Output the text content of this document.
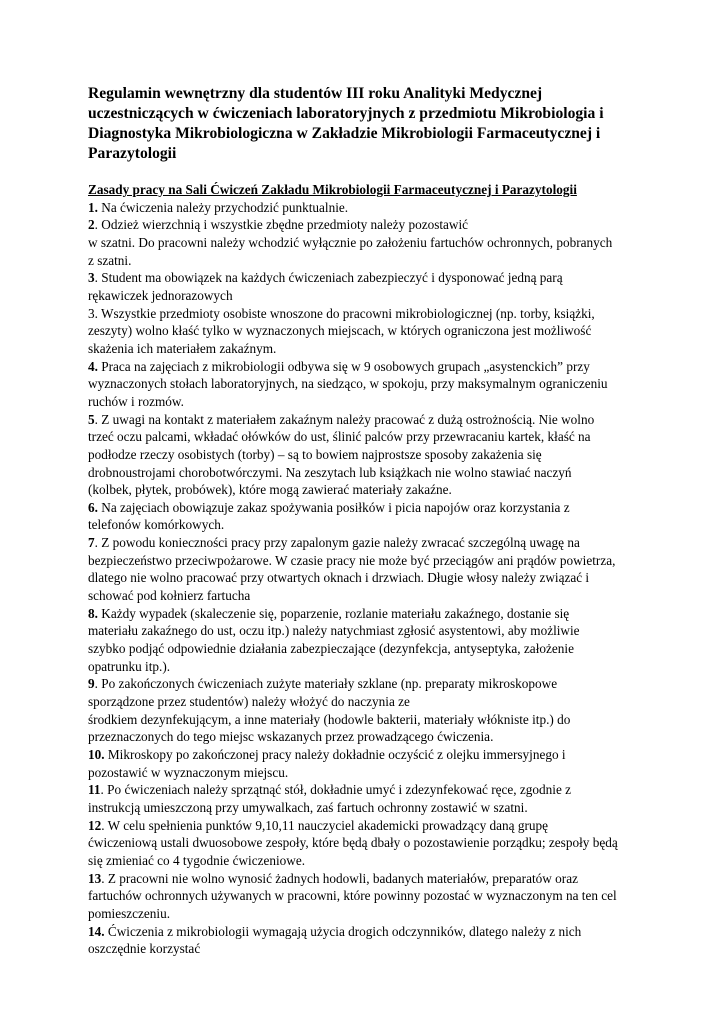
Regulamin wewnętrzny dla studentów III roku Analityki Medycznej
uczestniczących w ćwiczeniach laboratoryjnych z przedmiotu Mikrobiologia i
Diagnostyka Mikrobiologiczna w Zakładzie Mikrobiologii Farmaceutycznej i
Parazytologii
Zasady pracy na Sali Ćwiczeń Zakładu Mikrobiologii Farmaceutycznej i Parazytologii
1. Na ćwiczenia należy przychodzić punktualnie.
2. Odzież wierzchnią i wszystkie zbędne przedmioty należy pozostawić
w szatni. Do pracowni należy wchodzić wyłącznie po założeniu fartuchów ochronnych, pobranych
z szatni.
3. Student ma obowiązek na każdych ćwiczeniach zabezpieczyć i dysponować jedną parą
rękawiczek jednorazowych
3. Wszystkie przedmioty osobiste wnoszone do pracowni mikrobiologicznej (np. torby, książki,
zeszyty) wolno kłaść tylko w wyznaczonych miejscach, w których ograniczona jest możliwość
skażenia ich materiałem zakaźnym.
4. Praca na zajęciach z mikrobiologii odbywa się w 9 osobowych grupach „asystenckich” przy
wyznaczonych stołach laboratoryjnych, na siedząco, w spokoju, przy maksymalnym ograniczeniu
ruchów i rozmów.
5. Z uwagi na kontakt z materiałem zakaźnym należy pracować z dużą ostrożnością. Nie wolno
trzeć oczu palcami, wkładać ołówków do ust, ślinić palców przy przewracaniu kartek, kłaść na
podłodze rzeczy osobistych (torby) – są to bowiem najprostsze sposoby zakażenia się
drobnoustrojami chorobotwórczymi. Na zeszytach lub książkach nie wolno stawiać naczyń
(kolbek, płytek, probówek), które mogą zawierać materiały zakaźne.
6. Na zajęciach obowiązuje zakaz spożywania posiłków i picia napojów oraz korzystania z
telefonów komórkowych.
7. Z powodu konieczności pracy przy zapalonym gazie należy zwracać szczególną uwagę na
bezpieczeństwo przeciwpożarowe. W czasie pracy nie może być przeciągów ani prądów powietrza,
dlatego nie wolno pracować przy otwartych oknach i drzwiach. Długie włosy należy związać i
schować pod kołnierz fartucha
8. Każdy wypadek (skaleczenie się, poparzenie, rozlanie materiału zakaźnego, dostanie się
materiału zakaźnego do ust, oczu itp.) należy natychmiast zgłosić asystentowi, aby możliwie
szybko podjąć odpowiednie działania zabezpieczające (dezynfekcja, antyseptyka, założenie
opatrunku itp.).
9. Po zakończonych ćwiczeniach zużyte materiały szklane (np. preparaty mikroskopowe
sporządzone przez studentów) należy włożyć do naczynia ze
środkiem dezynfekującym, a inne materiały (hodowle bakterii, materiały włókniste itp.) do
przeznaczonych do tego miejsc wskazanych przez prowadzącego ćwiczenia.
10. Mikroskopy po zakończonej pracy należy dokładnie oczyścić z olejku immersyjnego i
pozostawić w wyznaczonym miejscu.
11. Po ćwiczeniach należy sprzątnąć stół, dokładnie umyć i zdezynfekować ręce, zgodnie z
instrukcją umieszczoną przy umywalkach, zaś fartuch ochronny zostawić w szatni.
12. W celu spełnienia punktów 9,10,11 nauczyciel akademicki prowadzący daną grupę
ćwiczeniową ustali dwuosobowe zespoły, które będą dbały o pozostawienie porządku; zespoły będą
się zmieniać co 4 tygodnie ćwiczeniowe.
13. Z pracowni nie wolno wynosić żadnych hodowli, badanych materiałów, preparatów oraz
fartuchów ochronnych używanych w pracowni, które powinny pozostać w wyznaczonym na ten cel
pomieszczeniu.
14. Ćwiczenia z mikrobiologii wymagają użycia drogich odczynników, dlatego należy z nich
oszczędnie korzystać
